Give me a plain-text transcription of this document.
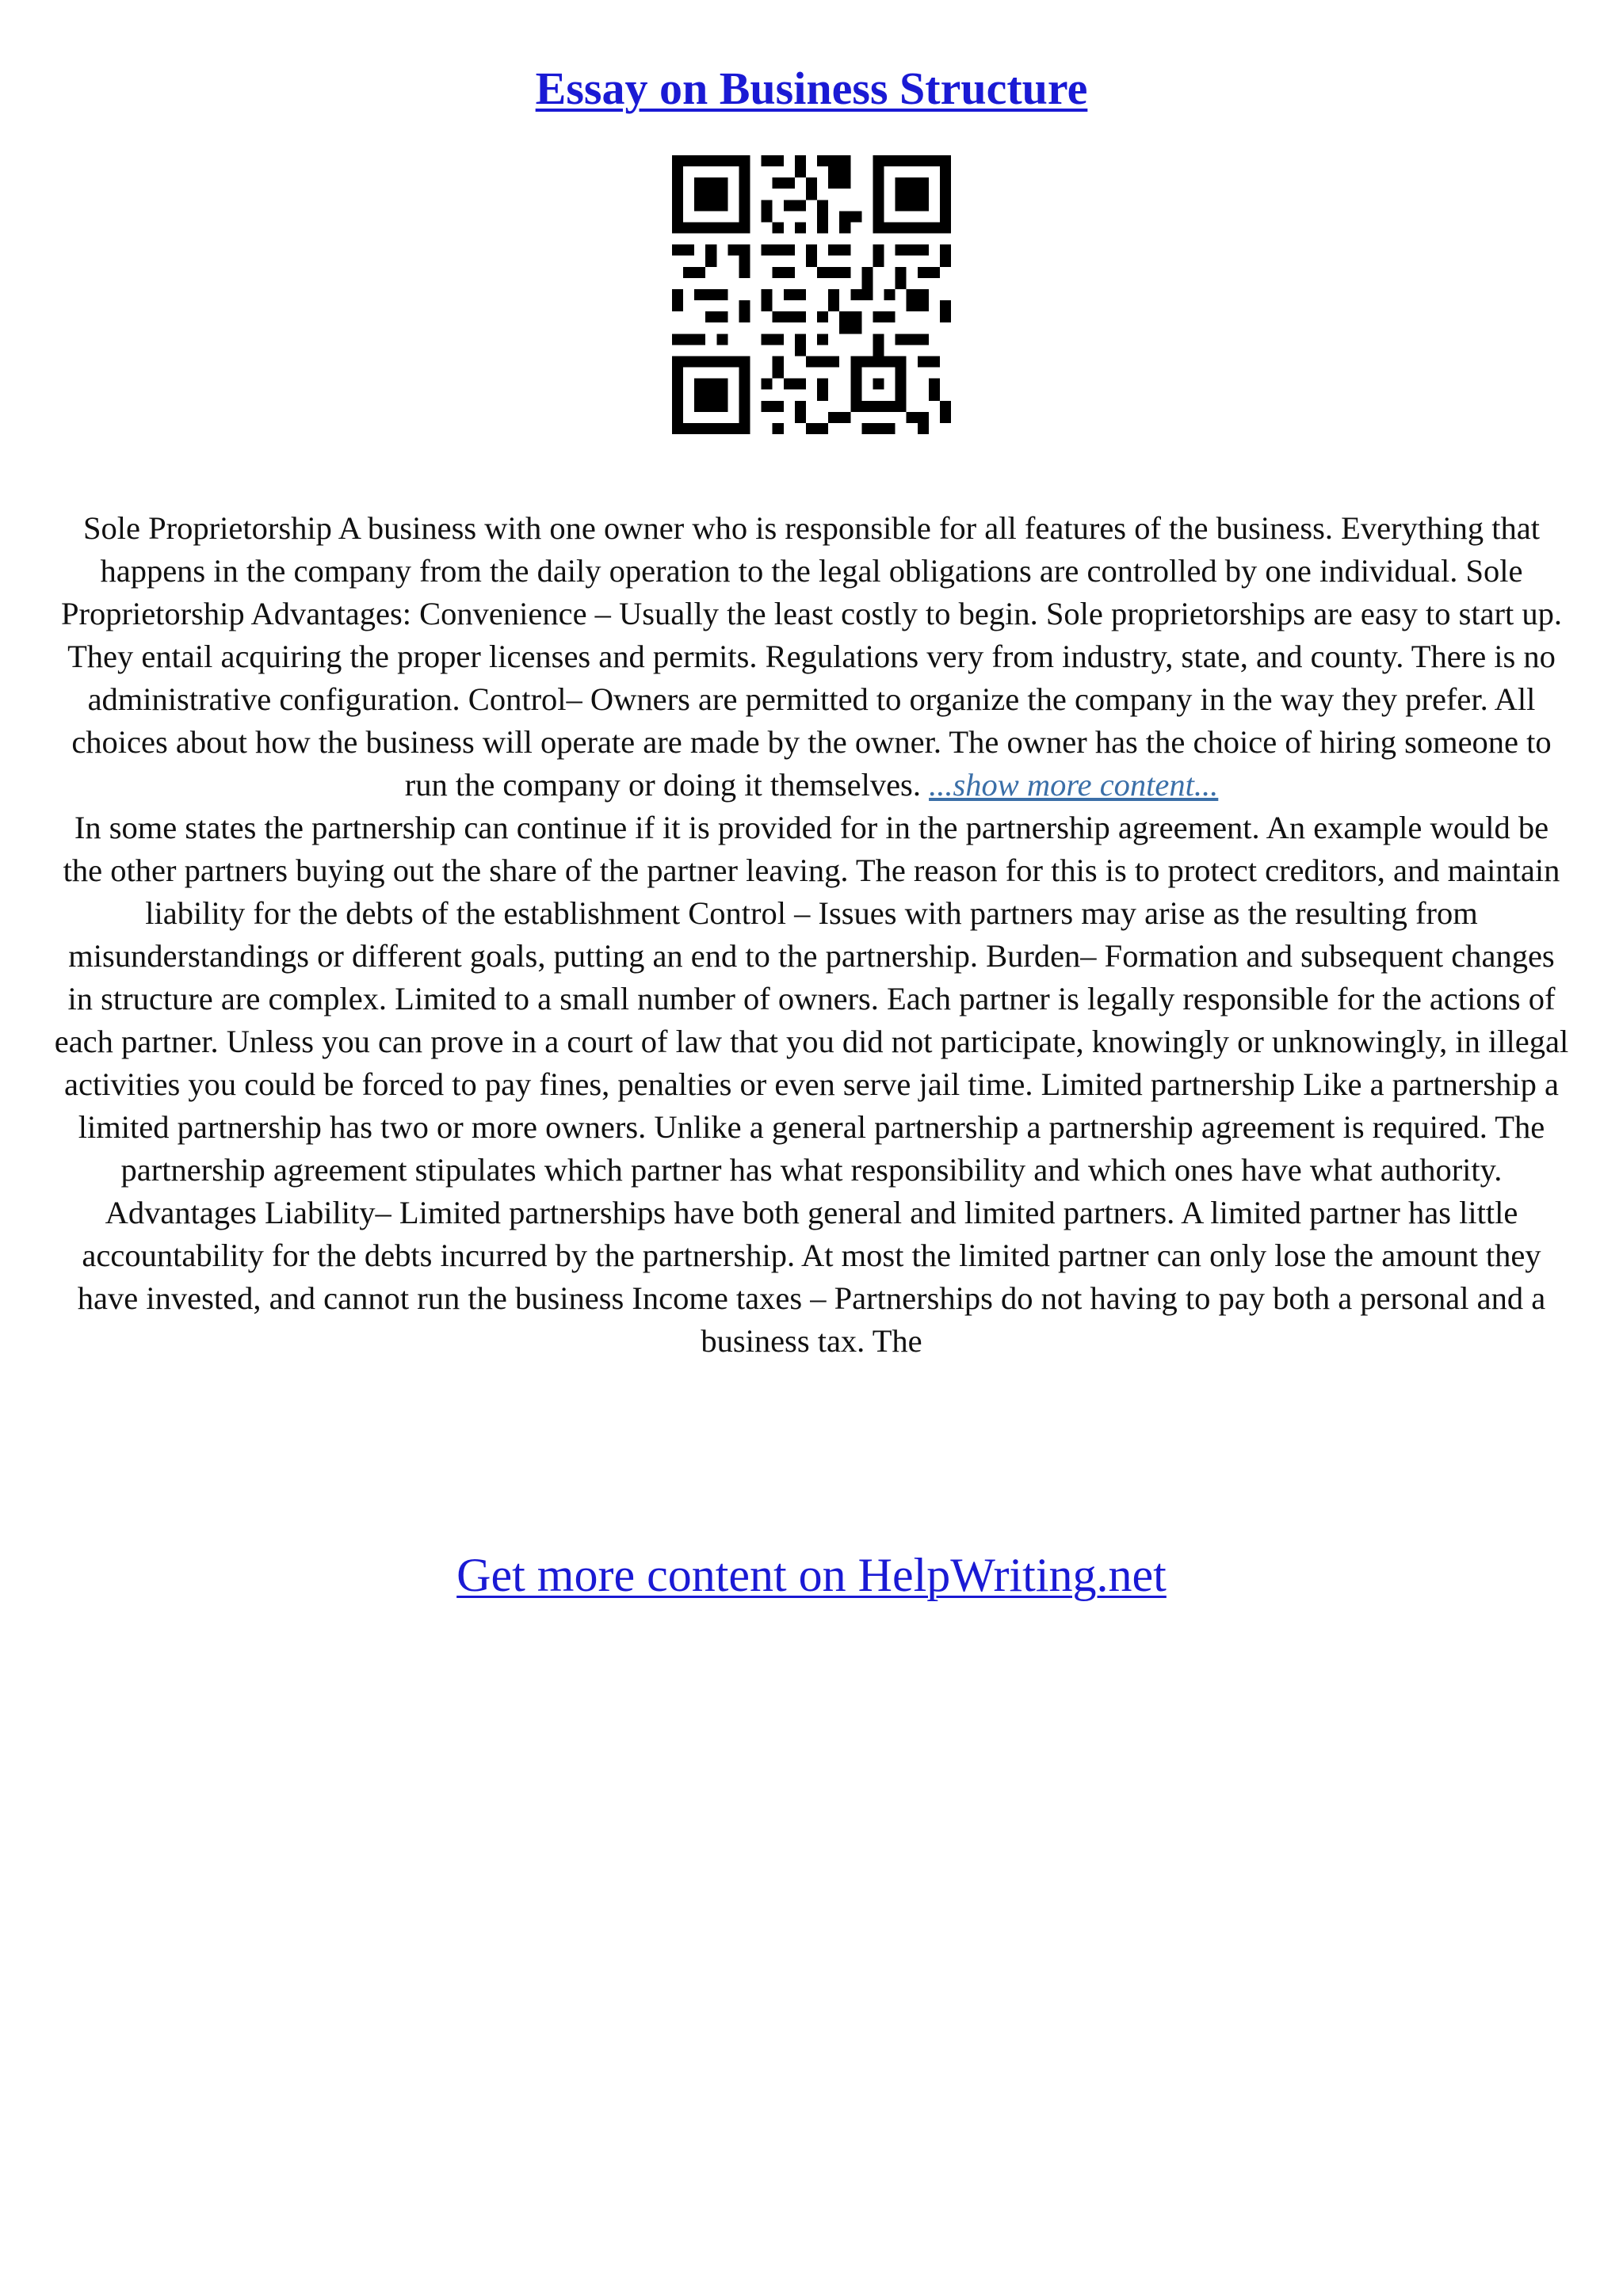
Essay on Business Structure

Sole Proprietorship A business with one owner who is responsible for all features of the business. Everything that happens in the company from the daily operation to the legal obligations are controlled by one individual. Sole Proprietorship Advantages: Convenience – Usually the least costly to begin. Sole proprietorships are easy to start up. They entail acquiring the proper licenses and permits. Regulations very from industry, state, and county. There is no administrative configuration. Control– Owners are permitted to organize the company in the way they prefer. All choices about how the business will operate are made by the owner. The owner has the choice of hiring someone to run the company or doing it themselves. ...show more content...

In some states the partnership can continue if it is provided for in the partnership agreement. An example would be the other partners buying out the share of the partner leaving. The reason for this is to protect creditors, and maintain liability for the debts of the establishment Control – Issues with partners may arise as the resulting from misunderstandings or different goals, putting an end to the partnership. Burden– Formation and subsequent changes in structure are complex. Limited to a small number of owners. Each partner is legally responsible for the actions of each partner. Unless you can prove in a court of law that you did not participate, knowingly or unknowingly, in illegal activities you could be forced to pay fines, penalties or even serve jail time. Limited partnership Like a partnership a limited partnership has two or more owners. Unlike a general partnership a partnership agreement is required. The partnership agreement stipulates which partner has what responsibility and which ones have what authority. Advantages Liability– Limited partnerships have both general and limited partners. A limited partner has little accountability for the debts incurred by the partnership. At most the limited partner can only lose the amount they have invested, and cannot run the business Income taxes – Partnerships do not having to pay both a personal and a business tax. The

Get more content on HelpWriting.net
